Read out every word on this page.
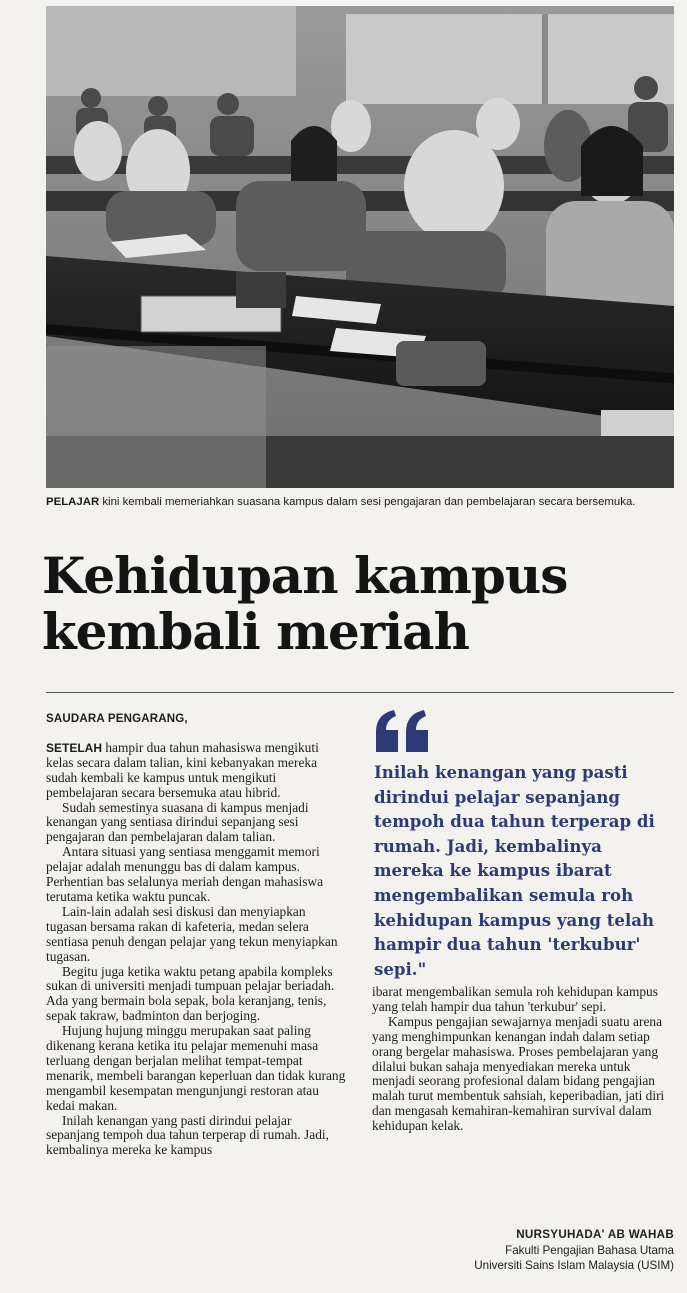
PELAJAR kini kembali memeriahkan suasana kampus dalam sesi pengajaran dan pembelajaran secara bersemuka.
Kehidupan kampus
kembali meriah

SAUDARA PENGARANG,

SETELAH hampir dua tahun mahasiswa mengikuti kelas secara dalam talian, kini kebanyakan mereka sudah kembali ke kampus untuk mengikuti pembelajaran secara bersemuka atau hibrid.

Sudah semestinya suasana di kampus menjadi kenangan yang sentiasa dirindui sepanjang sesi pengajaran dan pembelajaran dalam talian.

Antara situasi yang sentiasa menggamit memori pelajar adalah menunggu bas di dalam kampus. Perhentian bas selalunya meriah dengan mahasiswa terutama ketika waktu puncak.

Lain-lain adalah sesi diskusi dan menyiapkan tugasan bersama rakan di kafeteria, medan selera sentiasa penuh dengan pelajar yang tekun menyiapkan tugasan.

Begitu juga ketika waktu petang apabila kompleks sukan di universiti menjadi tumpuan pelajar beriadah. Ada yang bermain bola sepak, bola keranjang, tenis, sepak takraw, badminton dan berjoging.

Hujung hujung minggu merupakan saat paling dikenang kerana ketika itu pelajar memenuhi masa terluang dengan berjalan melihat tempat-tempat menarik, membeli barangan keperluan dan tidak kurang mengambil kesempatan mengunjungi restoran atau kedai makan.

Inilah kenangan yang pasti dirindui pelajar sepanjang tempoh dua tahun terperap di rumah. Jadi, kembalinya mereka ke kampus

Inilah kenangan yang pasti dirindui pelajar sepanjang tempoh dua tahun terperap di rumah. Jadi, kembalinya mereka ke kampus ibarat mengembalikan semula roh kehidupan kampus yang telah hampir dua tahun 'terkubur' sepi."

ibarat mengembalikan semula roh kehidupan kampus yang telah hampir dua tahun 'terkubur' sepi.

Kampus pengajian sewajarnya menjadi suatu arena yang menghimpunkan kenangan indah dalam setiap orang bergelar mahasiswa. Proses pembelajaran yang dilalui bukan sahaja menyediakan mereka untuk menjadi seorang profesional dalam bidang pengajian malah turut membentuk sahsiah, keperibadian, jati diri dan mengasah kemahiran-kemahiran survival dalam kehidupan kelak.

NURSYUHADA' AB WAHAB
Fakulti Pengajian Bahasa Utama
Universiti Sains Islam Malaysia (USIM)
